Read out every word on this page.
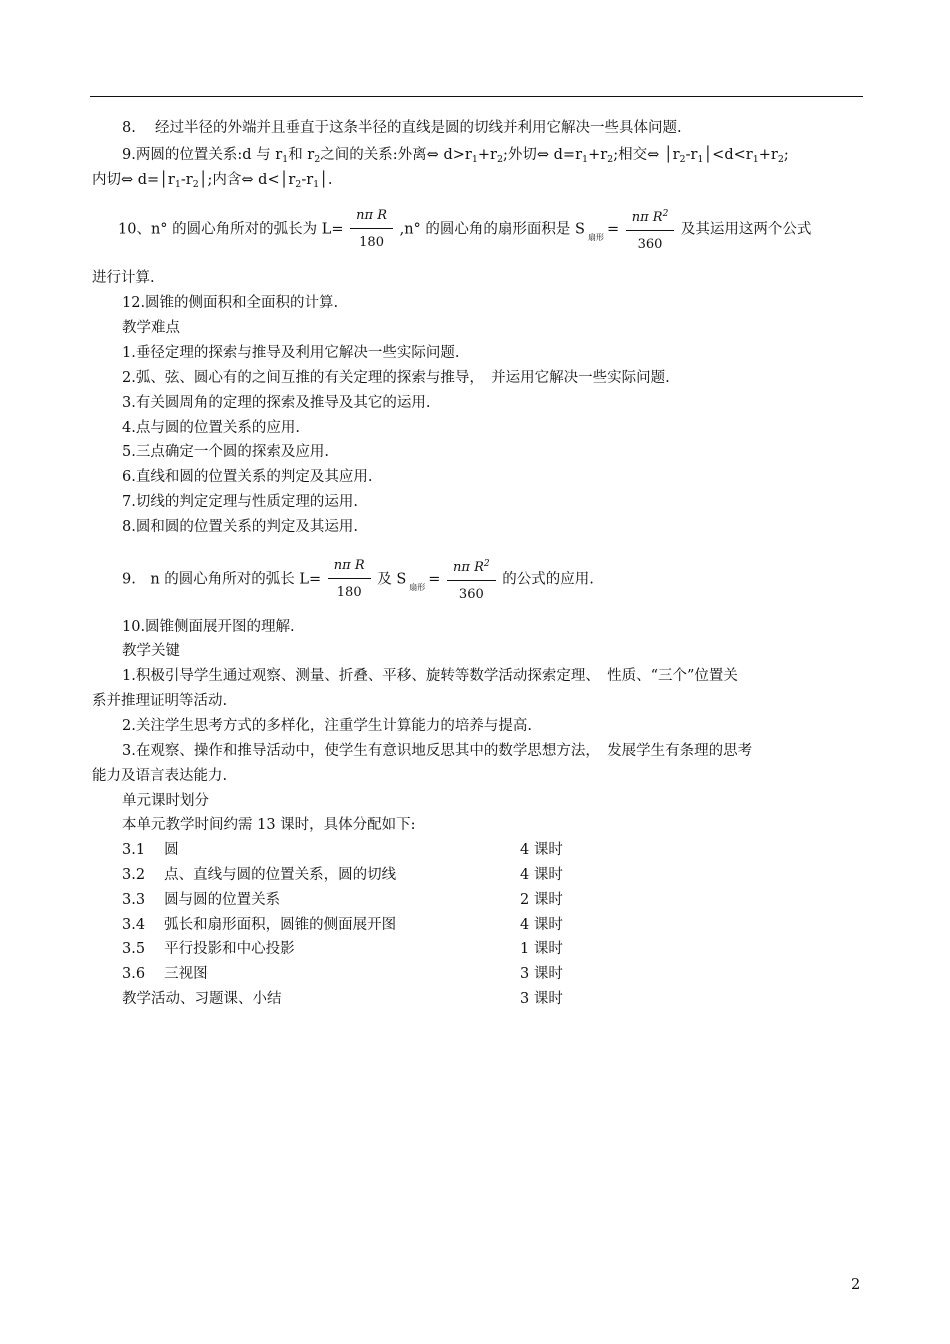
8.　 经过半径的外端并且垂直于这条半径的直线是圆的切线并利用它解决一些具体问题.
9.两圆的位置关系:d 与 $r_1$和 $r_2$之间的关系:外离⇔ $d>r_1+r_2$;外切⇔ $d=r_1+r_2$;相交⇔ $│r_2-r_1│<d<r_1+r_2$;
内切⇔ $d=│r_1-r_2│$;内含⇔ $d<│r_2-r_1│$.
10、n° 的圆心角所对的弧长为 $L= \frac{\text{nπ R}}{180} ,n^\circ$ 的圆心角的扇形面积是 S $_{扇形} = \frac{n\pi R^2}{360}$ 及其运用这两个公式
进行计算.
12.圆锥的侧面积和全面积的计算.
教学难点
1.垂径定理的探索与推导及利用它解决一些实际问题.
2.弧、弦、圆心有的之间互推的有关定理的探索与推导，　并运用它解决一些实际问题.
3.有关圆周角的定理的探索及推导及其它的运用.
4.点与圆的位置关系的应用.
5.三点确定一个圆的探索及应用.
6.直线和圆的位置关系的判定及其应用.
7.切线的判定定理与性质定理的运用.
8.圆和圆的位置关系的判定及其运用.
9.　n 的圆心角所对的弧长 $L= \frac{\text{nπ R}}{180}$ 及 S $_{扇形} = \frac{n\pi R^2}{360}$ 的公式的应用.
10.圆锥侧面展开图的理解.
教学关键
1.积极引导学生通过观察、测量、折叠、平移、旋转等数学活动探索定理、　性质、“三个”位置关
系并推理证明等活动.
2.关注学生思考方式的多样化，注重学生计算能力的培养与提高.
3.在观察、操作和推导活动中，使学生有意识地反思其中的数学思想方法，　发展学生有条理的思考
能力及语言表达能力.
单元课时划分
本单元教学时间约需 13 课时，具体分配如下:
3.1　 圆	4 课时
3.2　 点、直线与圆的位置关系，圆的切线	4 课时
3.3　 圆与圆的位置关系	2 课时
3.4　 弧长和扇形面积，圆锥的侧面展开图	4 课时
3.5　 平行投影和中心投影	1 课时
3.6　 三视图	3 课时
教学活动、习题课、小结	3 课时
2
